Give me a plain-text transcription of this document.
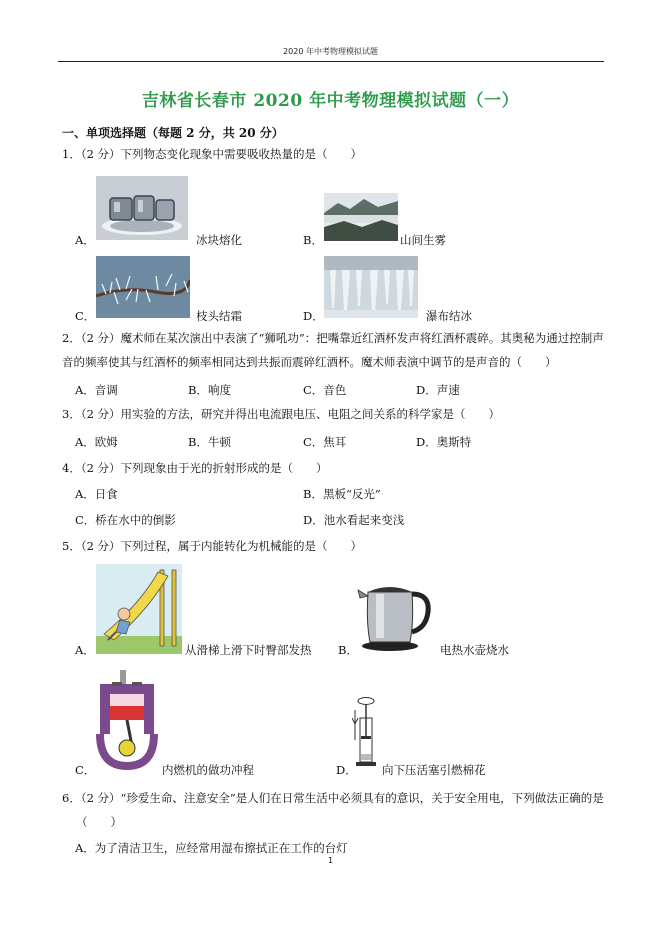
2020 年中考物理模拟试题
吉林省长春市 2020 年中考物理模拟试题（一）
一、单项选择题（每题 2 分，共 20 分）
1．（2 分）下列物态变化现象中需要吸收热量的是（　　）
A．	冰块熔化	B．	山间生雾
C．	枝头结霜	D．	瀑布结冰
2．（2 分）魔术师在某次演出中表演了“狮吼功”：把嘴靠近红酒杯发声将红酒杯震碎。其奥秘为通过控制声
音的频率使其与红酒杯的频率相同达到共振而震碎红酒杯。魔术师表演中调节的是声音的（　　）
A．音调	B．响度	C．音色	D．声速
3．（2 分）用实验的方法，研究并得出电流跟电压、电阻之间关系的科学家是（　　）
A．欧姆	B．牛顿	C．焦耳	D．奥斯特
4．（2 分）下列现象由于光的折射形成的是（　　）
A．日食	B．黑板“反光”
C．桥在水中的倒影	D．池水看起来变浅
5．（2 分）下列过程，属于内能转化为机械能的是（　　）
A．	从滑梯上滑下时臀部发热 B．	电热水壶烧水
C．	内燃机的做功冲程	D． 向下压活塞引燃棉花
6．（2 分）“珍爱生命、注意安全”是人们在日常生活中必须具有的意识，关于安全用电，下列做法正确的是
（　　）
A．为了清洁卫生，应经常用湿布擦拭正在工作的台灯
1
